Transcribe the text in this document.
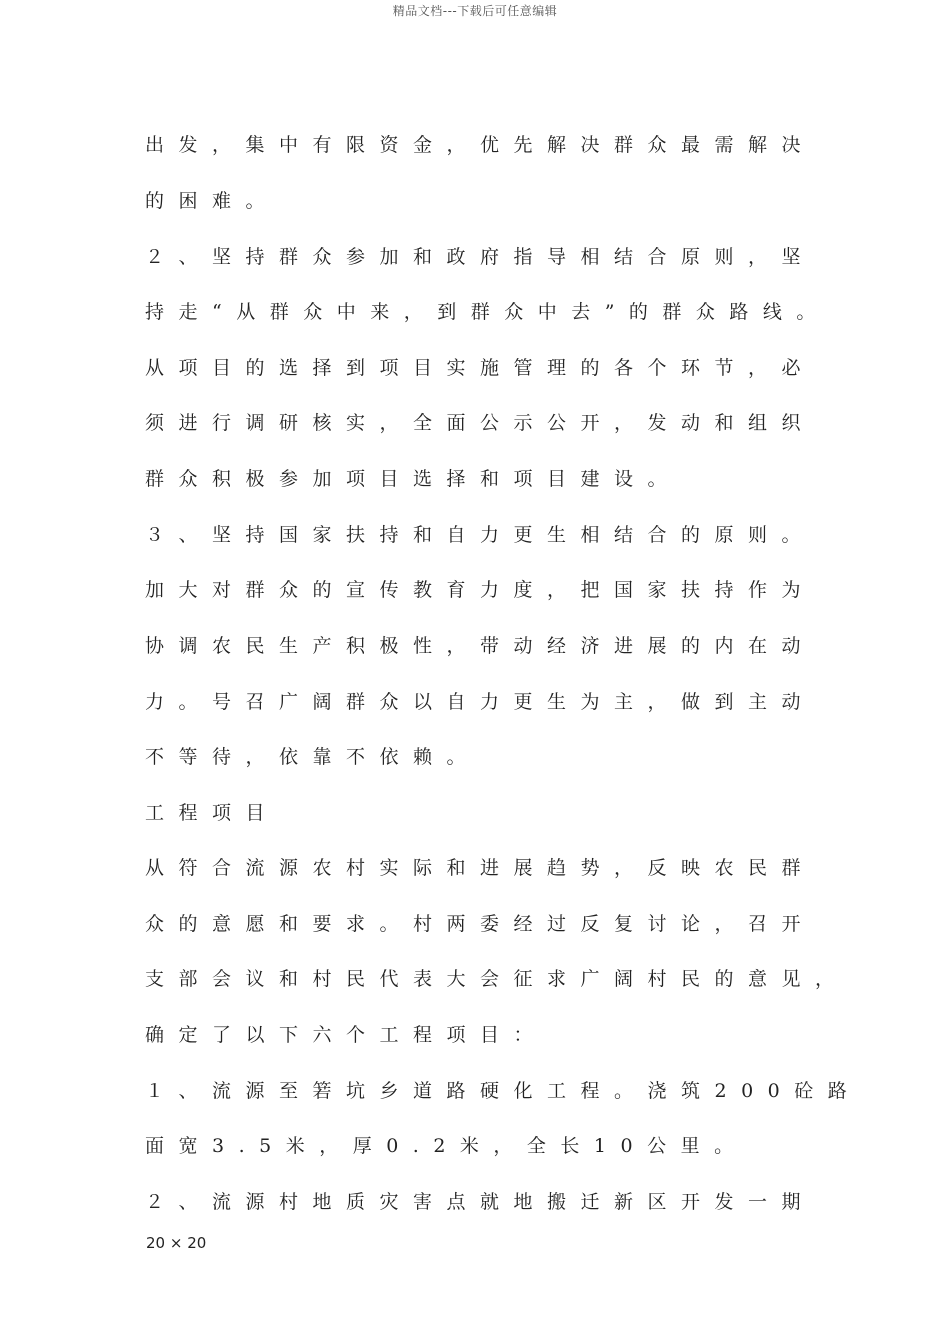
精品文档---下载后可任意编辑
出发，集中有限资金，优先解决群众最需解决
的困难。
２、坚持群众参加和政府指导相结合原则，坚
持走“从群众中来，到群众中去”的群众路线。
从项目的选择到项目实施管理的各个环节，必
须进行调研核实，全面公示公开，发动和组织
群众积极参加项目选择和项目建设。
３、坚持国家扶持和自力更生相结合的原则。
加大对群众的宣传教育力度，把国家扶持作为
协调农民生产积极性，带动经济进展的内在动
力。号召广阔群众以自力更生为主，做到主动
不等待，依靠不依赖。
工程项目
从符合流源农村实际和进展趋势，反映农民群
众的意愿和要求。村两委经过反复讨论，召开
支部会议和村民代表大会征求广阔村民的意见，
确定了以下六个工程项目：
１、流源至箬坑乡道路硬化工程。浇筑200砼路
面宽3.5米，厚0.2米，全长10公里。
２、流源村地质灾害点就地搬迁新区开发一期
20 × 20
